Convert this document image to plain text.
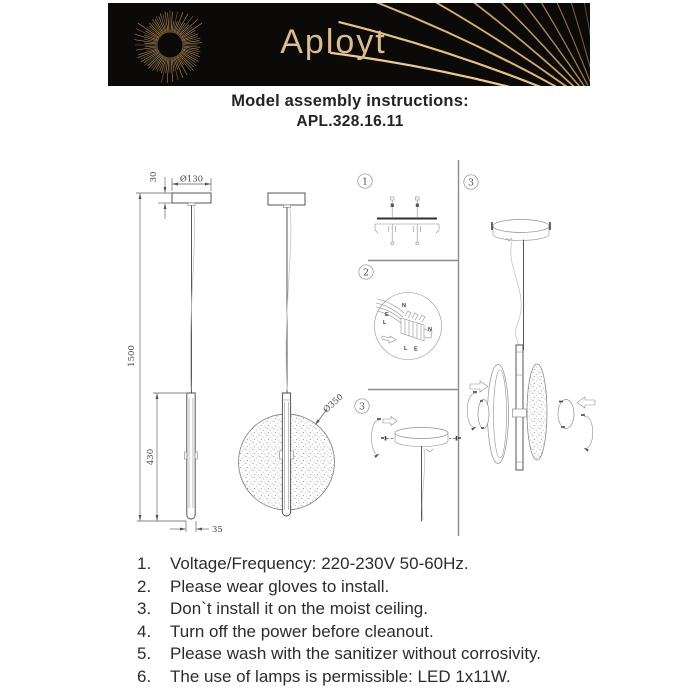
Aployt
Model assembly instructions:
APL.328.16.11
30 Ø130
1500
430
35
Ø350
1
2
N
E
L
N
L E
3
3
1.	Voltage/Frequency: 220-230V 50-60Hz.
2.	Please wear gloves to install.
3.	Don`t install it on the moist ceiling.
4.	Turn off the power before cleanout.
5.	Please wash with the sanitizer without corrosivity.
6.	The use of lamps is permissible: LED 1x11W.
